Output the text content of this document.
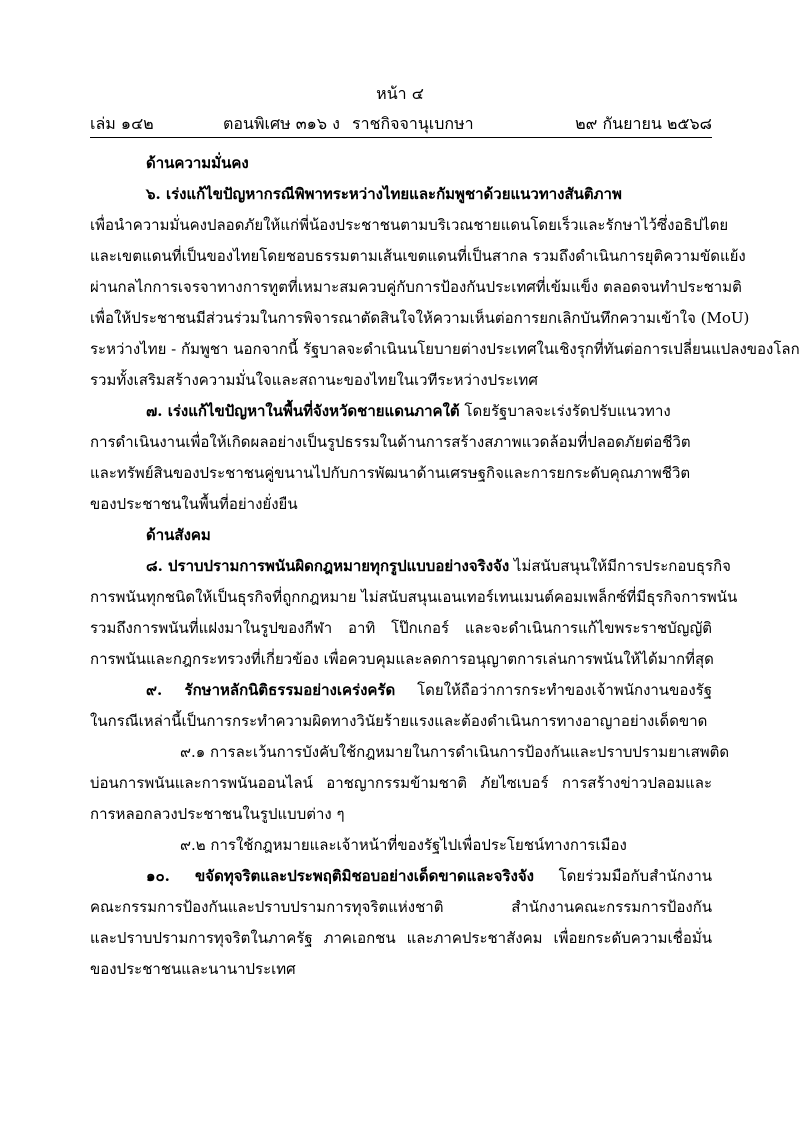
หน้า ๔
เล่ม ๑๔๒	ตอนพิเศษ ๓๑๖ ง ราชกิจจานุเบกษา	๒๙ กันยายน ๒๕๖๘
ด้านความมั่นคง
๖. เร่งแก้ไขปัญหากรณีพิพาทระหว่างไทยและกัมพูชาด้วยแนวทางสันติภาพ
เพื่อนำความมั่นคงปลอดภัยให้แก่พี่น้องประชาชนตามบริเวณชายแดนโดยเร็วและรักษาไว้ซึ่งอธิปไตย
และเขตแดนที่เป็นของไทยโดยชอบธรรมตามเส้นเขตแดนที่เป็นสากล รวมถึงดำเนินการยุติความขัดแย้ง
ผ่านกลไกการเจรจาทางการทูตที่เหมาะสมควบคู่กับการป้องกันประเทศที่เข้มแข็ง ตลอดจนทำประชามติ
เพื่อให้ประชาชนมีส่วนร่วมในการพิจารณาตัดสินใจให้ความเห็นต่อการยกเลิกบันทึกความเข้าใจ (MoU)
ระหว่างไทย - กัมพูชา นอกจากนี้ รัฐบาลจะดำเนินนโยบายต่างประเทศในเชิงรุกที่ทันต่อการเปลี่ยนแปลงของโลก
รวมทั้งเสริมสร้างความมั่นใจและสถานะของไทยในเวทีระหว่างประเทศ
๗. เร่งแก้ไขปัญหาในพื้นที่จังหวัดชายแดนภาคใต้ โดยรัฐบาลจะเร่งรัดปรับแนวทาง
การดำเนินงานเพื่อให้เกิดผลอย่างเป็นรูปธรรมในด้านการสร้างสภาพแวดล้อมที่ปลอดภัยต่อชีวิต
และทรัพย์สินของประชาชนคู่ขนานไปกับการพัฒนาด้านเศรษฐกิจและการยกระดับคุณภาพชีวิต
ของประชาชนในพื้นที่อย่างยั่งยืน
ด้านสังคม
๘. ปราบปรามการพนันผิดกฎหมายทุกรูปแบบอย่างจริงจัง ไม่สนับสนุนให้มีการประกอบธุรกิจ
การพนันทุกชนิดให้เป็นธุรกิจที่ถูกกฎหมาย ไม่สนับสนุนเอนเทอร์เทนเมนต์คอมเพล็กซ์ที่มีธุรกิจการพนัน
รวมถึงการพนันที่แฝงมาในรูปของกีฬา อาทิ โป๊กเกอร์ และจะดำเนินการแก้ไขพระราชบัญญัติ
การพนันและกฎกระทรวงที่เกี่ยวข้อง เพื่อควบคุมและลดการอนุญาตการเล่นการพนันให้ได้มากที่สุด
๙. รักษาหลักนิติธรรมอย่างเคร่งครัด โดยให้ถือว่าการกระทำของเจ้าพนักงานของรัฐ
ในกรณีเหล่านี้เป็นการกระทำความผิดทางวินัยร้ายแรงและต้องดำเนินการทางอาญาอย่างเด็ดขาด
๙.๑ การละเว้นการบังคับใช้กฎหมายในการดำเนินการป้องกันและปราบปรามยาเสพติด
บ่อนการพนันและการพนันออนไลน์ อาชญากรรมข้ามชาติ ภัยไซเบอร์ การสร้างข่าวปลอมและ
การหลอกลวงประชาชนในรูปแบบต่าง ๆ
๙.๒ การใช้กฎหมายและเจ้าหน้าที่ของรัฐไปเพื่อประโยชน์ทางการเมือง
๑๐. ขจัดทุจริตและประพฤติมิชอบอย่างเด็ดขาดและจริงจัง โดยร่วมมือกับสำนักงาน
คณะกรรมการป้องกันและปราบปรามการทุจริตแห่งชาติ สำนักงานคณะกรรมการป้องกัน
และปราบปรามการทุจริตในภาครัฐ ภาคเอกชน และภาคประชาสังคม เพื่อยกระดับความเชื่อมั่น
ของประชาชนและนานาประเทศ
